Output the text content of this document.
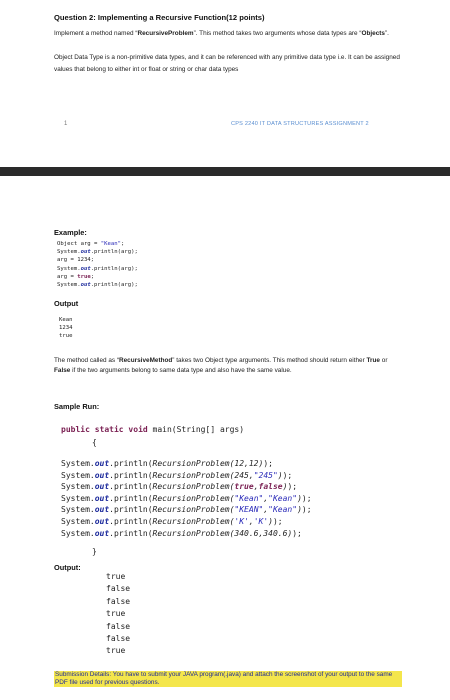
Question 2: Implementing a Recursive Function(12 points)
Implement a method named “RecursiveProblem”. This method takes two arguments whose data types are “Objects”.
Object Data Type is a non-primitive data types, and it can be referenced with any primitive data type i.e. It can be assigned values that belong to either int or float or string or char data types
1	CPS 2240 IT DATA STRUCTURES ASSIGNMENT 2
Example:
Object arg = "Kean";
System.out.println(arg);
arg = 1234;
System.out.println(arg);
arg = true;
System.out.println(arg);
Output
Kean
1234
true
The method called as “RecursiveMethod” takes two Object type arguments. This method should return either True or False if the two arguments belong to same data type and also have the same value.
Sample Run:
public static void main(String[] args)
{
System.out.println(RecursionProblem(12,12));
System.out.println(RecursionProblem(245,"245"));
System.out.println(RecursionProblem(true,false));
System.out.println(RecursionProblem("Kean","Kean"));
System.out.println(RecursionProblem("KEAN","Kean"));
System.out.println(RecursionProblem('K','K'));
System.out.println(RecursionProblem(340.6,340.6));
}
Output:
true
false
false
true
false
false
true
Submission Details: You have to submit your JAVA program(.java) and attach the screenshot of your output to the same PDF file used for previous questions.
